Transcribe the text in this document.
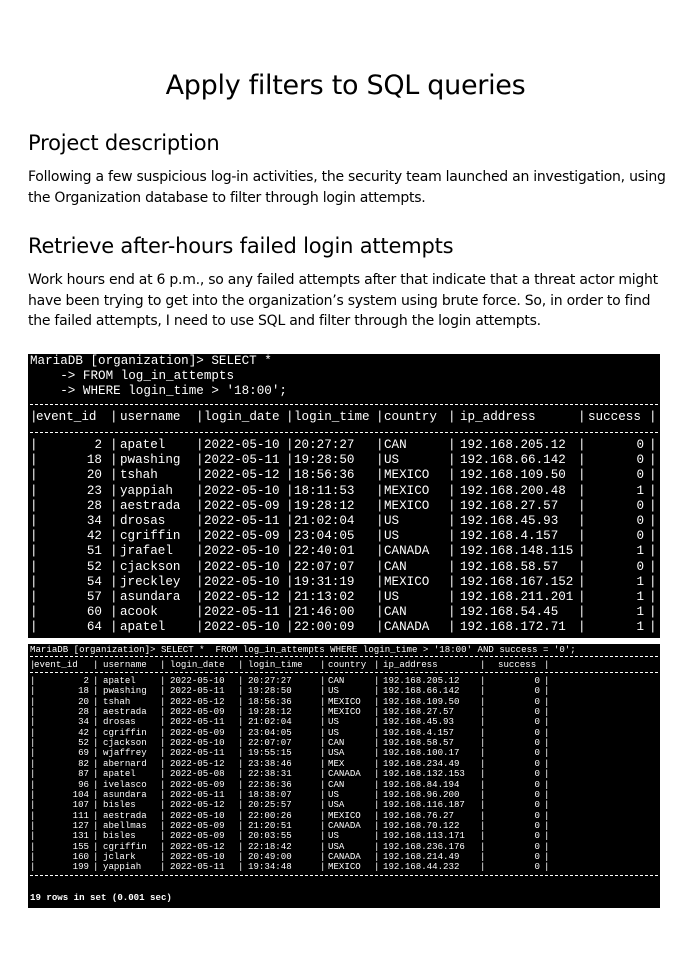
Apply filters to SQL queries
Project description

Following a few suspicious log-in activities, the security team launched an investigation, using the Organization database to filter through login attempts.

Retrieve after-hours failed login attempts

Work hours end at 6 p.m., so any failed attempts after that indicate that a threat actor might have been trying to get into the organization’s system using brute force. So, in order to find the failed attempts, I need to use SQL and filter through the login attempts.

MariaDB [organization]> SELECT *

-> FROM log_in_attempts

-> WHERE login_time > '18:00';

|	|	|	|	|	|	|	|
event_id username login_date login_time country ip_address	success
|	|	|	|	|	|	|	|
2 apatel	2022-05-10 20:27:27 CAN	192.168.205.12	0
|	|	|	|	|	|	|	|
18 pwashing 2022-05-11 19:28:50 US	192.168.66.142	0
|	|	|	|	|	|	|	|
20 tshah	2022-05-12 18:56:36 MEXICO 192.168.109.50	0
|	|	|	|	|	|	|	|
23 yappiah 2022-05-10 18:11:53 MEXICO 192.168.200.48	1
|	|	|	|	|	|	|	|
28 aestrada 2022-05-09 19:28:12 MEXICO 192.168.27.57	0
|	|	|	|	|	|	|	|
34 drosas	2022-05-11 21:02:04 US	192.168.45.93	0
|	|	|	|	|	|	|	|
42 cgriffin 2022-05-09 23:04:05 US	192.168.4.157	0
|	|	|	|	|	|	|	|
51 jrafael 2022-05-10 22:40:01 CANADA 192.168.148.115	1
|	|	|	|	|	|	|	|
52 cjackson 2022-05-10 22:07:07 CAN	192.168.58.57	0
|	|	|	|	|	|	|	|
54 jreckley 2022-05-10 19:31:19 MEXICO 192.168.167.152	1
|	|	|	|	|	|	|	|
57 asundara 2022-05-12 21:13:02 US	192.168.211.201	1
|	|	|	|	|	|	|	|
60 acook	2022-05-11 21:46:00 CAN	192.168.54.45	1
|	|	|	|	|	|	|	|
64 apatel	2022-05-10 22:00:09 CANADA 192.168.172.71	1

MariaDB [organization]> SELECT *  FROM log_in_attempts WHERE login_time > '18:00' AND success = '0';

|	|	|	|	|	|	|	|
event_id	username	login_date	login_time	country ip_address	success
|	|	|	|	|	|	|	|
2 apatel	2022-05-10	20:27:27	CAN	192.168.205.12	0
|	|	|	|	|	|	|	|
18 pwashing	2022-05-11	19:28:50	US	192.168.66.142	0
|	|	|	|	|	|	|	|
20 tshah	2022-05-12	18:56:36	MEXICO 192.168.109.50	0
|	|	|	|	|	|	|	|
28 aestrada	2022-05-09	19:28:12	MEXICO 192.168.27.57	0
|	|	|	|	|	|	|	|
34 drosas	2022-05-11	21:02:04	US	192.168.45.93	0
|	|	|	|	|	|	|	|
42 cgriffin	2022-05-09	23:04:05	US	192.168.4.157	0
|	|	|	|	|	|	|	|
52 cjackson	2022-05-10	22:07:07	CAN	192.168.58.57	0
|	|	|	|	|	|	|	|
69 wjaffrey	2022-05-11	19:55:15	USA	192.168.100.17	0
|	|	|	|	|	|	|	|
82 abernard	2022-05-12	23:38:46	MEX	192.168.234.49	0
|	|	|	|	|	|	|	|
87 apatel	2022-05-08	22:38:31	CANADA 192.168.132.153	0
|	|	|	|	|	|	|	|
96 ivelasco	2022-05-09	22:36:36	CAN	192.168.84.194	0
|	|	|	|	|	|	|	|
104 asundara	2022-05-11	18:38:07	US	192.168.96.200	0
|	|	|	|	|	|	|	|
107 bisles	2022-05-12	20:25:57	USA	192.168.116.187	0
|	|	|	|	|	|	|	|
111 aestrada	2022-05-10	22:00:26	MEXICO 192.168.76.27	0
|	|	|	|	|	|	|	|
127 abellmas	2022-05-09	21:20:51	CANADA 192.168.70.122	0
|	|	|	|	|	|	|	|
131 bisles	2022-05-09	20:03:55	US	192.168.113.171	0
|	|	|	|	|	|	|	|
155 cgriffin	2022-05-12	22:18:42	USA	192.168.236.176	0
|	|	|	|	|	|	|	|
160 jclark	2022-05-10	20:49:00	CANADA 192.168.214.49	0
|	|	|	|	|	|	|	|
199 yappiah	2022-05-11	19:34:48	MEXICO 192.168.44.232	0

19 rows in set (0.001 sec)
